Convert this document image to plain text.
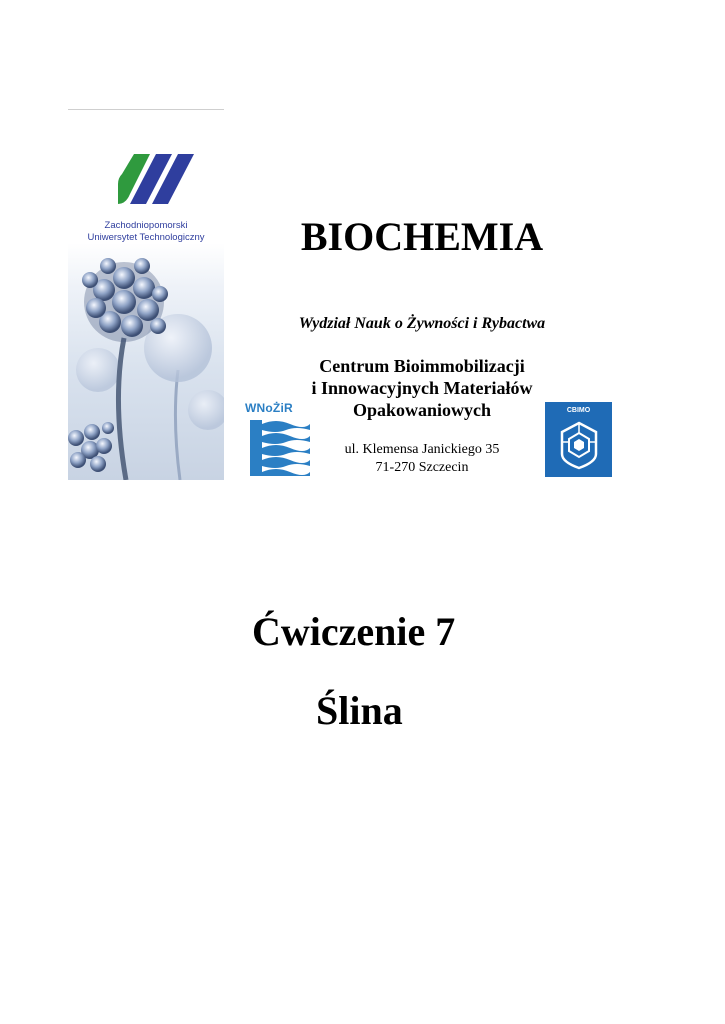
Zachodniopomorski
Uniwersytet Technologiczny	BIOCHEMIA
Wydział Nauk o Żywności i Rybactwa
Centrum Bioimmobilizacji
i Innowacyjnych Materiałów
Opakowaniowych
ul. Klemensa Janickiego 35
71-270 Szczecin
WNoŻiR	CBIMO
Ćwiczenie 7
Ślina
